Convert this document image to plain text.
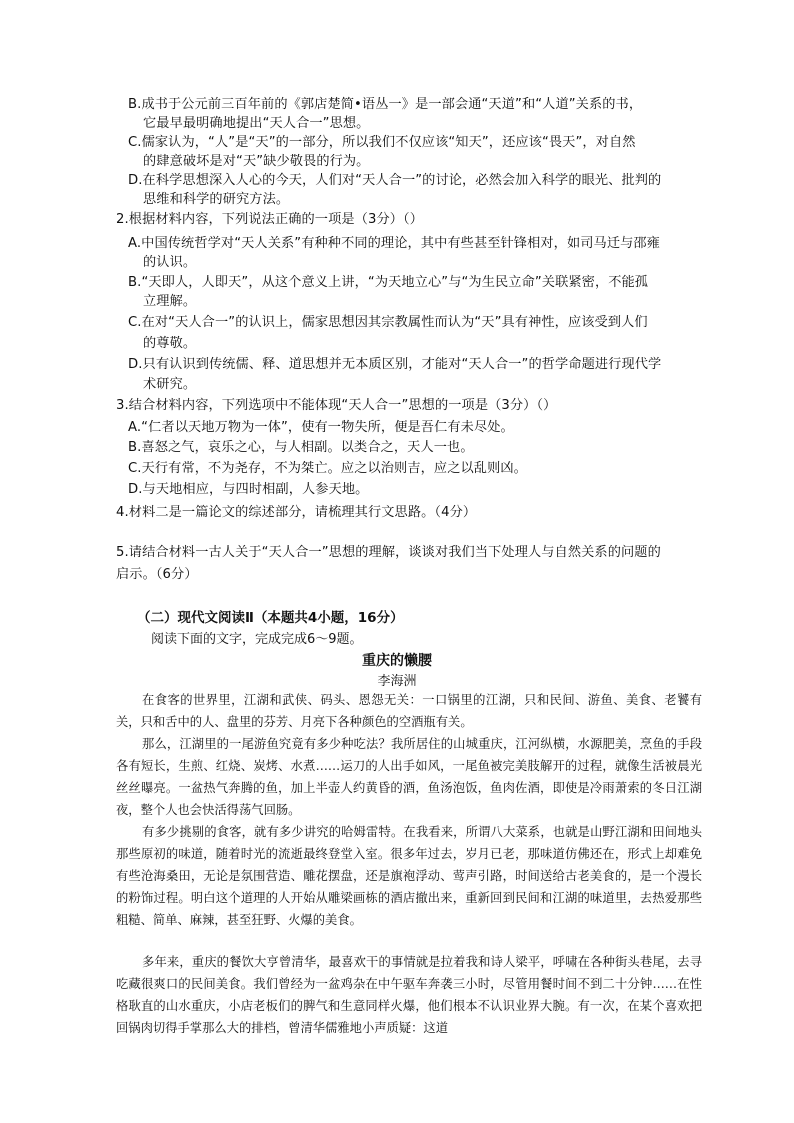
B.成书于公元前三百年前的《郭店楚简•语丛一》是一部会通“天道”和“人道”关系的书，
它最早最明确地提出“天人合一”思想。
C.儒家认为，“人”是“天”的一部分，所以我们不仅应该“知天”，还应该“畏天”，对自然
的肆意破坏是对“天”缺少敬畏的行为。
D.在科学思想深入人心的今天，人们对“天人合一”的讨论，必然会加入科学的眼光、批判的
思维和科学的研究方法。
2.根据材料内容，下列说法正确的一项是（3分）（）
A.中国传统哲学对“天人关系”有种种不同的理论，其中有些甚至针锋相对，如司马迁与邵雍
的认识。
B.“天即人，人即天”，从这个意义上讲，“为天地立心”与“为生民立命”关联紧密，不能孤
立理解。
C.在对“天人合一”的认识上，儒家思想因其宗教属性而认为“天”具有神性，应该受到人们
的尊敬。
D.只有认识到传统儒、释、道思想并无本质区别，才能对“天人合一”的哲学命题进行现代学
术研究。
3.结合材料内容，下列选项中不能体现“天人合一”思想的一项是（3分）（）
A.“仁者以天地万物为一体”，使有一物失所，便是吾仁有未尽处。
B.喜怒之气，哀乐之心，与人相副。以类合之，天人一也。
C.天行有常，不为尧存，不为桀亡。应之以治则吉，应之以乱则凶。
D.与天地相应，与四时相副，人参天地。
4.材料二是一篇论文的综述部分，请梳理其行文思路。（4分）
5.请结合材料一古人关于“天人合一”思想的理解，谈谈对我们当下处理人与自然关系的问题的
启示。（6分）
（二）现代文阅读Ⅱ（本题共4小题，16分）
阅读下面的文字，完成完成6～9题。
重庆的懒腰
李海洲

在食客的世界里，江湖和武侠、码头、恩怨无关：一口锅里的江湖，只和民间、游鱼、美食、老饕有关，只和舌中的人、盘里的芬芳、月亮下各种颜色的空酒瓶有关。

那么，江湖里的一尾游鱼究竟有多少种吃法？我所居住的山城重庆，江河纵横，水源肥美，烹鱼的手段各有短长，生煎、红烧、炭烤、水煮……运刀的人出手如风，一尾鱼被完美肢解开的过程，就像生活被晨光丝丝曝亮。一盆热气奔腾的鱼，加上半壶人约黄昏的酒，鱼汤泡饭，鱼肉佐酒，即使是冷雨萧索的冬日江湖夜，整个人也会快活得荡气回肠。

有多少挑剔的食客，就有多少讲究的哈姆雷特。在我看来，所谓八大菜系，也就是山野江湖和田间地头那些原初的味道，随着时光的流逝最终登堂入室。很多年过去，岁月已老，那味道仿佛还在，形式上却难免有些沧海桑田，无论是氛围营造、雕花摆盘，还是旗袍浮动、莺声引路，时间送给古老美食的，是一个漫长的粉饰过程。明白这个道理的人开始从雕梁画栋的酒店撤出来，重新回到民间和江湖的味道里，去热爱那些粗糙、简单、麻辣，甚至狂野、火爆的美食。

多年来，重庆的餐饮大亨曾清华，最喜欢干的事情就是拉着我和诗人梁平，呼啸在各种街头巷尾，去寻吃藏很爽口的民间美食。我们曾经为一盆鸡杂在中午驱车奔袭三小时，尽管用餐时间不到二十分钟……在性格耿直的山水重庆，小店老板们的脾气和生意同样火爆，他们根本不认识业界大腕。有一次，在某个喜欢把回锅肉切得手掌那么大的排档，曾清华儒雅地小声质疑：这道
